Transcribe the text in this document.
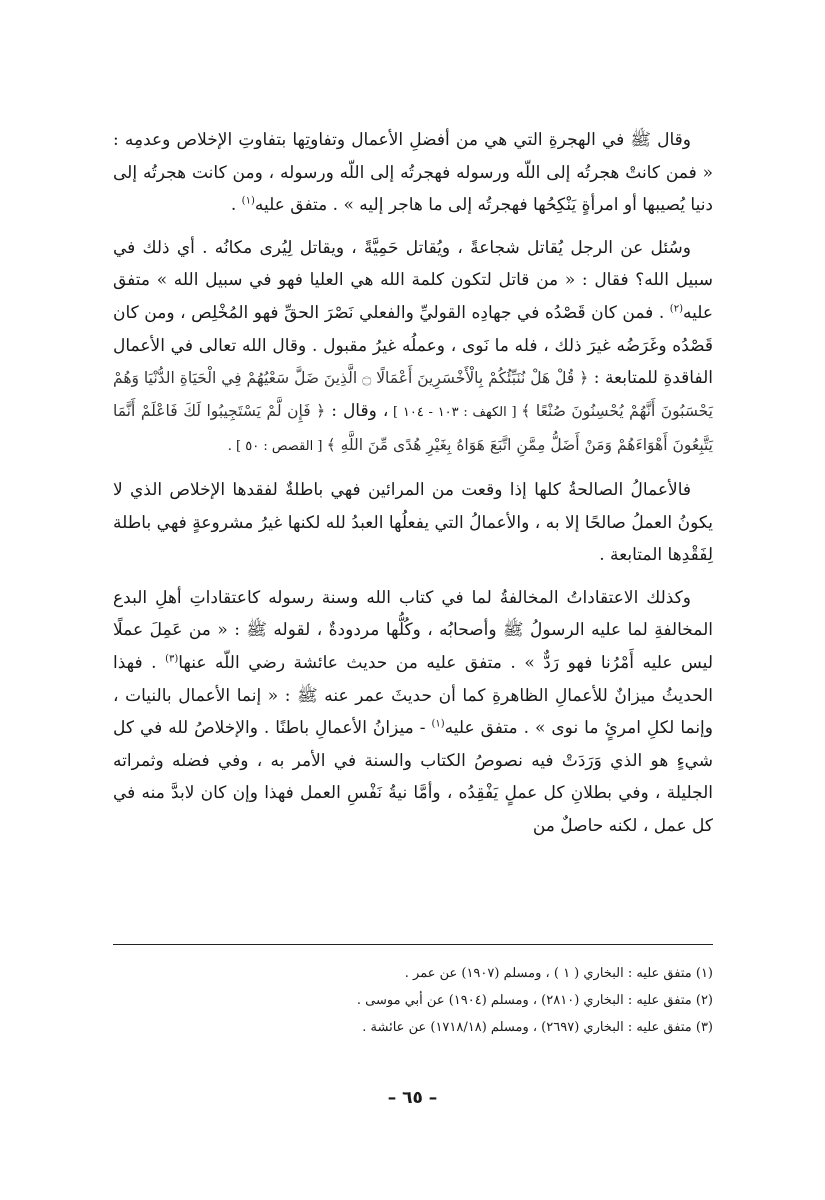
وقال ﷺ في الهجرةِ التي هي من أفضلِ الأعمال وتفاوتِها بتفاوتِ الإخلاص وعدمِه : « فمن كانتْ هجرتُه إلى اللّه ورسوله فهجرتُه إلى اللّه ورسوله ، ومن كانت هجرتُه إلى دنيا يُصيبها أو امرأةٍ يَنْكِحُها فهجرتُه إلى ما هاجر إليه » . متفق عليه$^{(١)}$ .

وسُئل عن الرجل يُقاتل شجاعةً ، ويُقاتل حَمِيَّةً ، ويقاتل لِيُرى مكانُه . أي ذلك في سبيل الله؟ فقال : « من قاتل لتكون كلمة الله هي العليا فهو في سبيل الله » متفق عليه$^{(٢)}$ . فمن كان قَصْدُه في جهادِه القوليِّ والفعلي نَصْرَ الحقِّ فهو المُخْلِص ، ومن كان قَصْدُه وغَرَضُه غيرَ ذلك ، فله ما نَوى ، وعملُه غيرُ مقبول . وقال الله تعالى في الأعمال الفاقدةِ للمتابعة : ﴿ قُلْ هَلْ نُنَبِّئُكُمْ بِالْأَخْسَرِينَ أَعْمَالًا ۝ الَّذِينَ ضَلَّ سَعْيُهُمْ فِي الْحَيَاةِ الدُّنْيَا وَهُمْ يَحْسَبُونَ أَنَّهُمْ يُحْسِنُونَ صُنْعًا ﴾ [ الكهف : ١٠٣ - ١٠٤ ] ، وقال : ﴿ فَإِن لَّمْ يَسْتَجِيبُوا لَكَ فَاعْلَمْ أَنَّمَا يَتَّبِعُونَ أَهْوَاءَهُمْ وَمَنْ أَضَلُّ مِمَّنِ اتَّبَعَ هَوَاهُ بِغَيْرِ هُدًى مِّنَ اللَّهِ ﴾ [ القصص : ٥٠ ] .

فالأعمالُ الصالحةُ كلها إذا وقعت من المرائين فهي باطلةٌ لفقدها الإخلاص الذي لا يكونُ العملُ صالحًا إلا به ، والأعمالُ التي يفعلُها العبدُ لله لكنها غيرُ مشروعةٍ فهي باطلة لِفَقْدِها المتابعة .

وكذلك الاعتقاداتُ المخالفةُ لما في كتاب الله وسنة رسوله كاعتقاداتِ أهلِ البدع المخالفةِ لما عليه الرسولُ ﷺ وأصحابُه ، وكُلُّها مردودةٌ ، لقوله ﷺ : « من عَمِلَ عملًا ليس عليه أَمْرُنا فهو رَدٌّ » . متفق عليه من حديث عائشة رضي اللّه عنها$^{(٣)}$ . فهذا الحديثُ ميزانٌ للأعمالِ الظاهرةِ كما أن حديثَ عمر عنه ﷺ : « إنما الأعمال بالنيات ، وإنما لكلِ امرئٍ ما نوى » . متفق عليه$^{(١)}$ - ميزانُ الأعمالِ باطنًا . والإخلاصُ لله في كل شيءٍ هو الذي وَرَدَتْ فيه نصوصُ الكتاب والسنة في الأمر به ، وفي فضله وثمراته الجليلة ، وفي بطلانِ كل عملٍ يَفْقِدُه ، وأمَّا نيةُ نَفْسِ العمل فهذا وإن كان لابدَّ منه في كل عمل ، لكنه حاصلٌ من

(١) متفق عليه : البخاري ( ١ ) ، ومسلم (١٩٠٧) عن عمر .

(٢) متفق عليه : البخاري (٢٨١٠) ، ومسلم (١٩٠٤) عن أبي موسى .

(٣) متفق عليه : البخاري (٢٦٩٧) ، ومسلم (١٧١٨/١٨) عن عائشة .

– ٦٥ –
